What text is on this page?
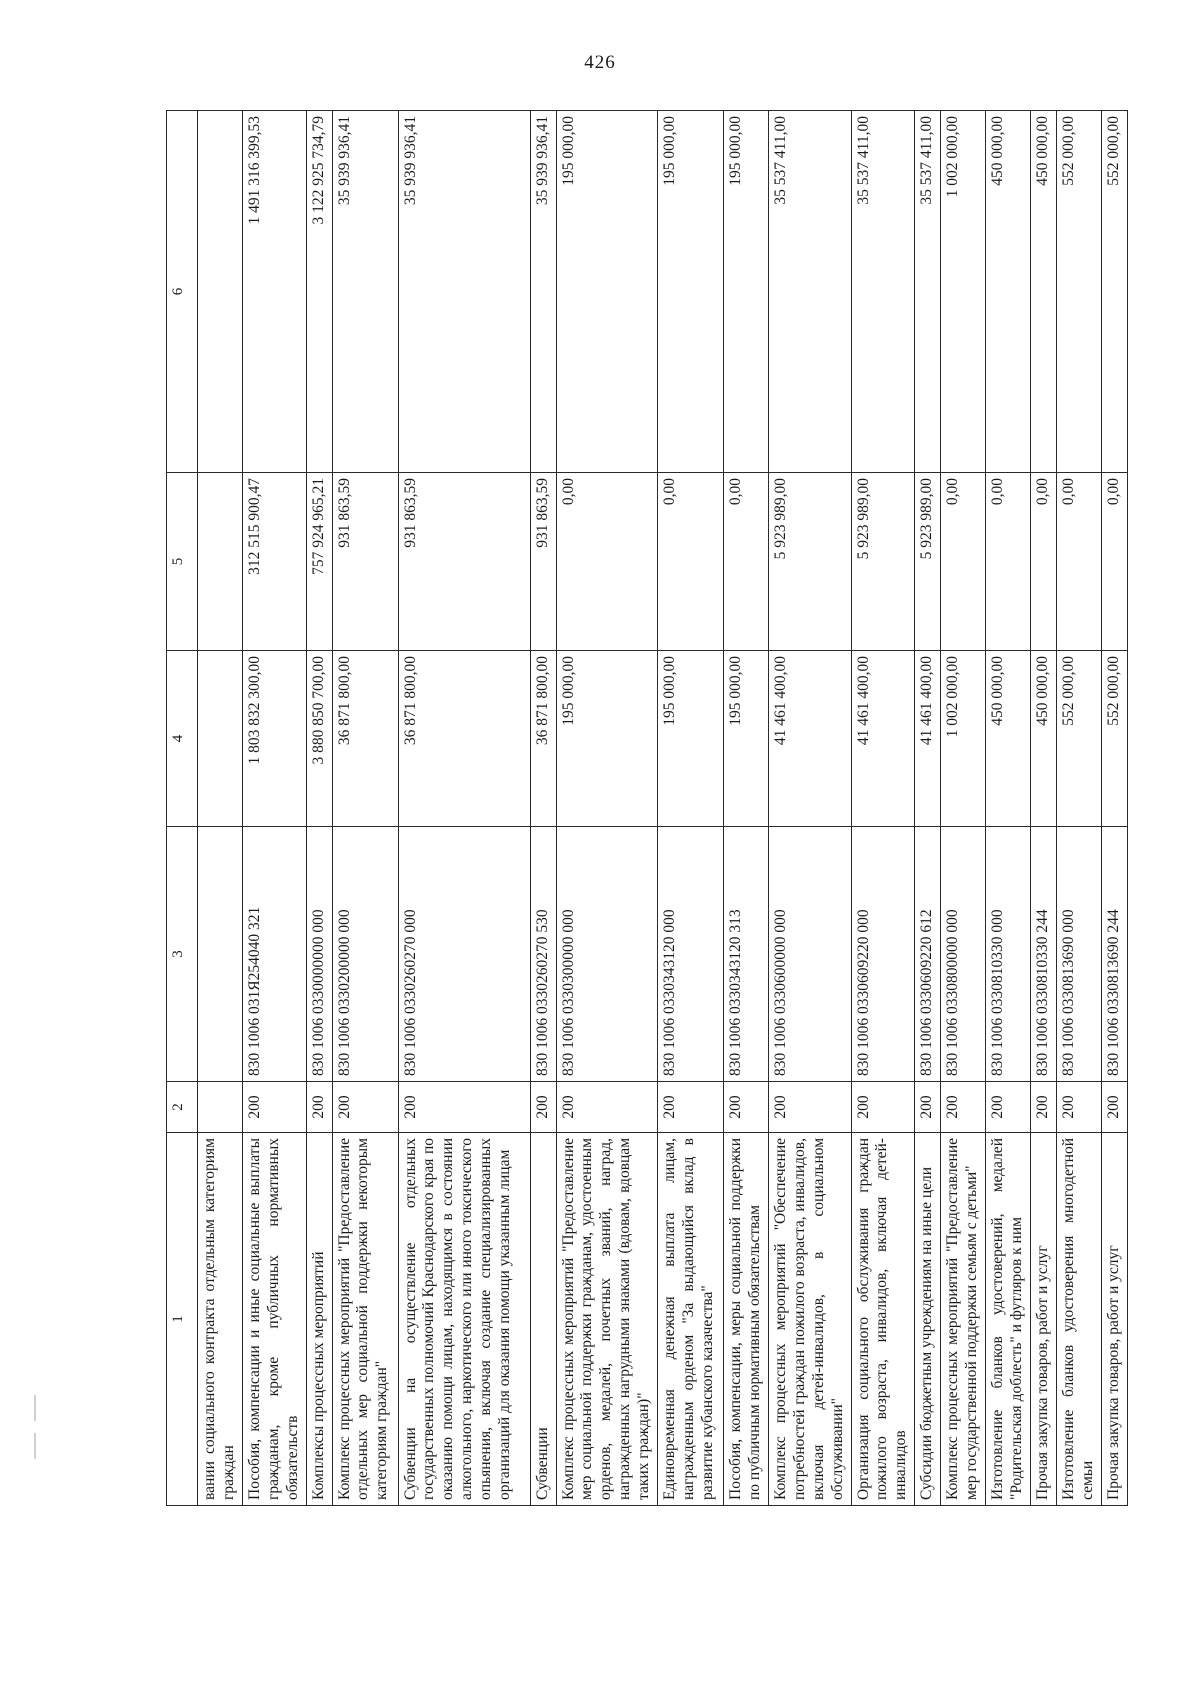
426
1	2	3	4	5	6
вании социального контракта отдельным категориям граждан					
Пособия, компенсации и иные социальные выплаты гражданам, кроме публичных нормативных обязательств	200	830 1006 031Я254040 321	1 803 832 300,00	312 515 900,47	1 491 316 399,53
Комплексы процессных мероприятий	200	830 1006 0330000000 000	3 880 850 700,00	757 924 965,21	3 122 925 734,79
Комплекс процессных мероприятий "Предоставление отдельных мер социальной поддержки некоторым категориям граждан"	200	830 1006 0330200000 000	36 871 800,00	931 863,59	35 939 936,41
Субвенции на осуществление отдельных государственных полномочий Краснодарского края по оказанию помощи лицам, находящимся в состоянии алкогольного, наркотического или иного токсического опьянения, включая создание специализированных организаций для оказания помощи указанным лицам	200	830 1006 0330260270 000	36 871 800,00	931 863,59	35 939 936,41
Субвенции	200	830 1006 0330260270 530	36 871 800,00	931 863,59	35 939 936,41
Комплекс процессных мероприятий "Предоставление мер социальной поддержки гражданам, удостоенным орденов, медалей, почетных званий, наград, награжденных нагрудными знаками (вдовам, вдовцам таких граждан)"	200	830 1006 0330300000 000	195 000,00	0,00	195 000,00
Единовременная денежная выплата лицам, награжденным орденом "За выдающийся вклад в развитие кубанского казачества"	200	830 1006 0330343120 000	195 000,00	0,00	195 000,00
Пособия, компенсации, меры социальной поддержки по публичным нормативным обязательствам	200	830 1006 0330343120 313	195 000,00	0,00	195 000,00
Комплекс процессных мероприятий "Обеспечение потребностей граждан пожилого возраста, инвалидов, включая детей-инвалидов, в социальном обслуживании"	200	830 1006 0330600000 000	41 461 400,00	5 923 989,00	35 537 411,00
Организация социального обслуживания граждан пожилого возраста, инвалидов, включая детей-инвалидов	200	830 1006 0330609220 000	41 461 400,00	5 923 989,00	35 537 411,00
Субсидии бюджетным учреждениям на иные цели	200	830 1006 0330609220 612	41 461 400,00	5 923 989,00	35 537 411,00
Комплекс процессных мероприятий "Предоставление мер государственной поддержки семьям с детьми"	200	830 1006 0330800000 000	1 002 000,00	0,00	1 002 000,00
Изготовление бланков удостоверений, медалей "Родительская доблесть" и футляров к ним	200	830 1006 0330810330 000	450 000,00	0,00	450 000,00
Прочая закупка товаров, работ и услуг	200	830 1006 0330810330 244	450 000,00	0,00	450 000,00
Изготовление бланков удостоверения многодетной семьи	200	830 1006 0330813690 000	552 000,00	0,00	552 000,00
Прочая закупка товаров, работ и услуг	200	830 1006 0330813690 244	552 000,00	0,00	552 000,00
